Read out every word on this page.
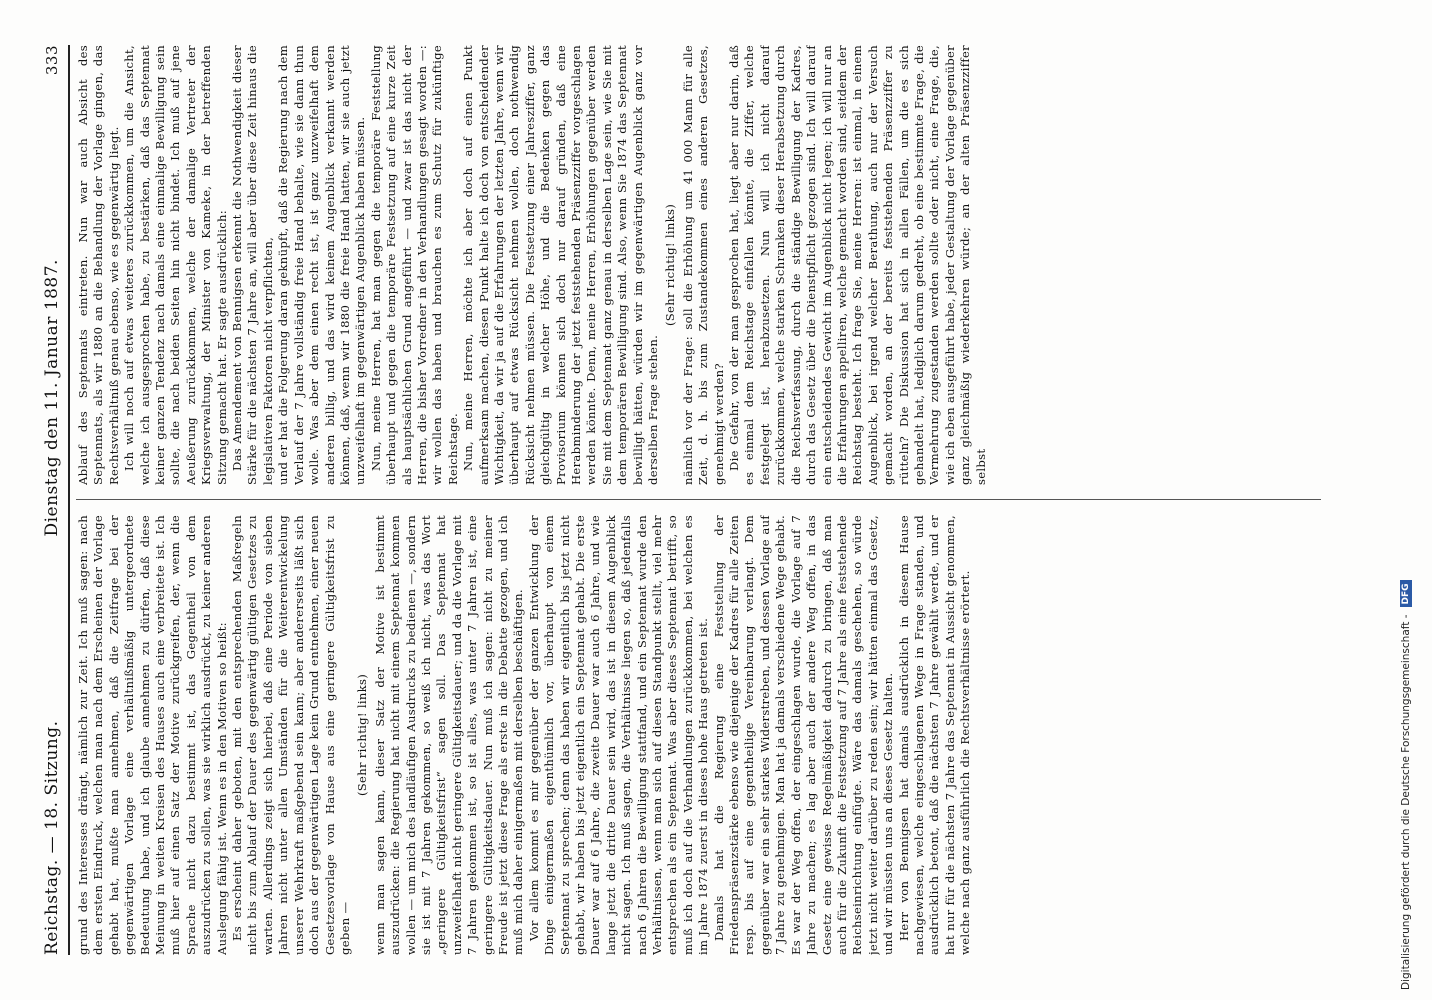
Reichstag. — 18. Sitzung.
Dienstag den 11. Januar 1887.
333

grund des Interesses drängt, nämlich zur Zeit. Ich muß sagen: nach dem ersten Eindruck, welchen man nach dem Erscheinen der Vorlage gehabt hat, mußte man annehmen, daß die Zeitfrage bei der gegenwärtigen Vorlage eine verhältnißmäßig untergeordnete Bedeutung habe, und ich glaube annehmen zu dürfen, daß diese Meinung in weiten Kreisen des Hauses auch eine verbreitete ist. Ich muß hier auf einen Satz der Motive zurückgreifen, der, wenn die Sprache nicht dazu bestimmt ist, das Gegentheil von dem auszudrücken zu sollen, was sie wirklich ausdrückt, zu keiner anderen Auslegung fähig ist. Wenn es in den Motiven so heißt: Es erscheint daher geboten, mit den entsprechenden Maßregeln nicht bis zum Ablauf der Dauer des gegenwärtig gültigen Gesetzes zu warten. Allerdings zeigt sich hierbei, daß eine Periode von sieben Jahren nicht unter allen Umständen für die Weiterentwickelung unserer Wehrkraft maßgebend sein kann; aber andererseits läßt sich doch aus der gegenwärtigen Lage kein Grund entnehmen, einer neuen Gesetzesvorlage von Hause aus eine geringere Gültigkeitsfrist zu geben —

(Sehr richtig! links) wenn man sagen kann, dieser Satz der Motive ist bestimmt auszudrücken: die Regierung hat nicht mit einem Septennat kommen wollen — um mich des landläufigen Ausdrucks zu bedienen —, sondern sie ist mit 7 Jahren gekommen, so weiß ich nicht, was das Wort „geringere Gültigkeitsfrist“ sagen soll. Das Septennat hat unzweifelhaft nicht geringere Gültigkeitsdauer; und da die Vorlage mit 7 Jahren gekommen ist, so ist alles, was unter 7 Jahren ist, eine geringere Gültigkeitsdauer. Nun muß ich sagen: nicht zu meiner Freude ist jetzt diese Frage als erste in die Debatte gezogen, und ich muß mich daher einigermaßen mit derselben beschäftigen. Vor allem kommt es mir gegenüber der ganzen Entwicklung der Dinge einigermaßen eigenthümlich vor, überhaupt von einem Septennat zu sprechen; denn das haben wir eigentlich bis jetzt nicht gehabt, wir haben bis jetzt eigentlich ein Septennat gehabt. Die erste Dauer war auf 6 Jahre, die zweite Dauer war auch 6 Jahre, und wie lange jetzt die dritte Dauer sein wird, das ist in diesem Augenblick nicht sagen. Ich muß sagen, die Verhältnisse liegen so, daß jedenfalls nach 6 Jahren die Bewilligung stattfand, und ein Septennat wurde den Verhältnissen, wenn man sich auf diesen Standpunkt stellt, viel mehr entsprechen als ein Septennat. Was aber dieses Septennat betrifft, so muß ich doch auf die Verhandlungen zurückkommen, bei welchen es im Jahre 1874 zuerst in dieses hohe Haus getreten ist. Damals hat die Regierung eine Feststellung der Friedenspräsenzstärke ebenso wie diejenige der Kadres für alle Zeiten resp. bis auf eine gegentheilige Vereinbarung verlangt. Dem gegenüber war ein sehr starkes Widerstreben, und dessen Vorlage auf 7 Jahre zu genehmigen. Man hat ja damals verschiedene Wege gehabt. Es war der Weg offen, der eingeschlagen wurde, die Vorlage auf 7 Jahre zu machen; es lag aber auch der andere Weg offen, in das Gesetz eine gewisse Regelmäßigkeit dadurch zu bringen, daß man auch für die Zukunft die Festsetzung auf 7 Jahre als eine feststehende Reichseinrichtung einfügte. Wäre das damals geschehen, so würde jetzt nicht weiter darüber zu reden sein; wir hätten einmal das Gesetz, und wir müssten uns an dieses Gesetz halten. Herr von Bennigsen hat damals ausdrücklich in diesem Hause nachgewiesen, welche eingeschlagenen Wege in Frage standen, und ausdrücklich betont, daß die nächsten 7 Jahre gewählt werde, und er hat nur für die nächsten 7 Jahre das Septennat in Aussicht genommen, welche nach ganz ausführlich die Rechtsverhältnisse erörtert.

Ablauf des Septennats eintreten. Nun war auch Absicht des Septennats, als wir 1880 an die Behandlung der Vorlage gingen, das Rechtsverhältniß genau ebenso, wie es gegenwärtig liegt. Ich will noch auf etwas weiteres zurückkommen, um die Ansicht, welche ich ausgesprochen habe, zu bestärken, daß das Septennat keiner ganzen Tendenz nach damals eine einmalige Bewilligung sein sollte, die nach beiden Seiten hin nicht bindet. Ich muß auf jene Aeußerung zurückkommen, welche der damalige Vertreter der Kriegsverwaltung, der Minister von Kameke, in der betreffenden Sitzung gemacht hat. Er sagte ausdrücklich: Das Amendement von Bennigsen erkennt die Nothwendigkeit dieser Stärke für die nächsten 7 Jahre an, will aber über diese Zeit hinaus die legislativen Faktoren nicht verpflichten, und er hat die Folgerung daran geknüpft, daß die Regierung nach dem Verlauf der 7 Jahre vollständig freie Hand behalte, wie sie dann thun wolle. Was aber dem einen recht ist, ist ganz unzweifelhaft dem anderen billig, und das wird keinem Augenblick verkannt werden können, daß, wenn wir 1880 die freie Hand hatten, wir sie auch jetzt unzweifelhaft im gegenwärtigen Augenblick haben müssen. Nun, meine Herren, hat man gegen die temporäre Feststellung überhaupt und gegen die temporäre Festsetzung auf eine kurze Zeit als hauptsächlichen Grund angeführt — und zwar ist das nicht der Herren, die bisher Vorredner in den Verhandlungen gesagt worden —: wir wollen das haben und brauchen es zum Schutz für zukünftige Reichstage. Nun, meine Herren, möchte ich aber doch auf einen Punkt aufmerksam machen, diesen Punkt halte ich doch von entscheidender Wichtigkeit, da wir ja auf die Erfahrungen der letzten Jahre, wenn wir überhaupt auf etwas Rücksicht nehmen wollen, doch nothwendig Rücksicht nehmen müssen. Die Festsetzung einer Jahresziffer, ganz gleichgültig in welcher Höhe, und die Bedenken gegen das Provisorium können sich doch nur darauf gründen, daß eine Herabminderung der jetzt feststehenden Präsenzziffer vorgeschlagen werden könnte. Denn, meine Herren, Erhöhungen gegenüber werden Sie mit dem Septennat ganz genau in derselben Lage sein, wie Sie mit dem temporären Bewilligung sind. Also, wenn Sie 1874 das Septennat bewilligt hätten, würden wir im gegenwärtigen Augenblick ganz vor derselben Frage stehen.

(Sehr richtig! links) nämlich vor der Frage: soll die Erhöhung um 41 000 Mann für alle Zeit, d. h. bis zum Zustandekommen eines anderen Gesetzes, genehmigt werden? Die Gefahr, von der man gesprochen hat, liegt aber nur darin, daß es einmal dem Reichstage einfallen könnte, die Ziffer, welche festgelegt ist, herabzusetzen. Nun will ich nicht darauf zurückkommen, welche starken Schranken dieser Herabsetzung durch die Reichsverfassung, durch die ständige Bewilligung der Kadres, durch das Gesetz über die Dienstpflicht gezogen sind. Ich will darauf ein entscheidendes Gewicht im Augenblick nicht legen; ich will nur an die Erfahrungen appelliren, welche gemacht worden sind, seitdem der Reichstag besteht. Ich frage Sie, meine Herren: ist einmal, in einem Augenblick, bei irgend welcher Berathung, auch nur der Versuch gemacht worden, an der bereits feststehenden Präsenzziffer zu rütteln? Die Diskussion hat sich in allen Fällen, um die es sich gehandelt hat, lediglich darum gedreht, ob eine bestimmte Frage, die Vermehrung zugestanden werden sollte oder nicht, eine Frage, die, wie ich eben ausgeführt habe, jeder Gestaltung der Vorlage gegenüber ganz gleichmäßig wiederkehren würde; an der alten Präsenzziffer selbst

Digitalisierung gefördert durch die Deutsche Forschungsgemeinschaft -
DFG
